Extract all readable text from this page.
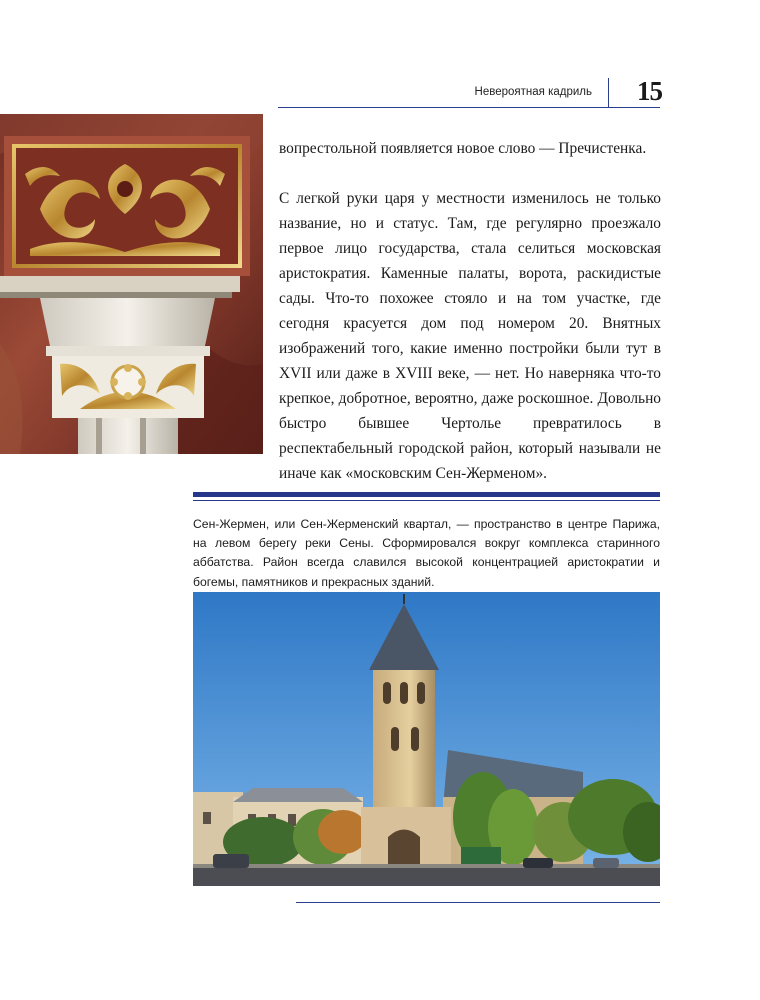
Невероятная кадриль	15

вопрестольной появляется новое слово — Пречистенка.

С легкой руки царя у местности изменилось не только название, но и статус. Там, где регулярно проезжало первое лицо государства, стала селиться московская аристократия. Каменные палаты, ворота, раскидистые сады. Что-то похожее стояло и на том участке, где сегодня красуется дом под номером 20. Внятных изображений того, какие именно постройки были тут в XVII или даже в XVIII веке, — нет. Но наверняка что-то крепкое, добротное, вероятно, даже роскошное. Довольно быстро бывшее Чертолье превратилось в респектабельный городской район, который называли не иначе как «московским Сен-Жерменом».

Сен-Жермен, или Сен-Жерменский квартал, — пространство в центре Парижа, на левом берегу реки Сены. Сформировался вокруг комплекса старинного аббатства. Район всегда славился высокой концентрацией аристократии и богемы, памятников и прекрасных зданий.
